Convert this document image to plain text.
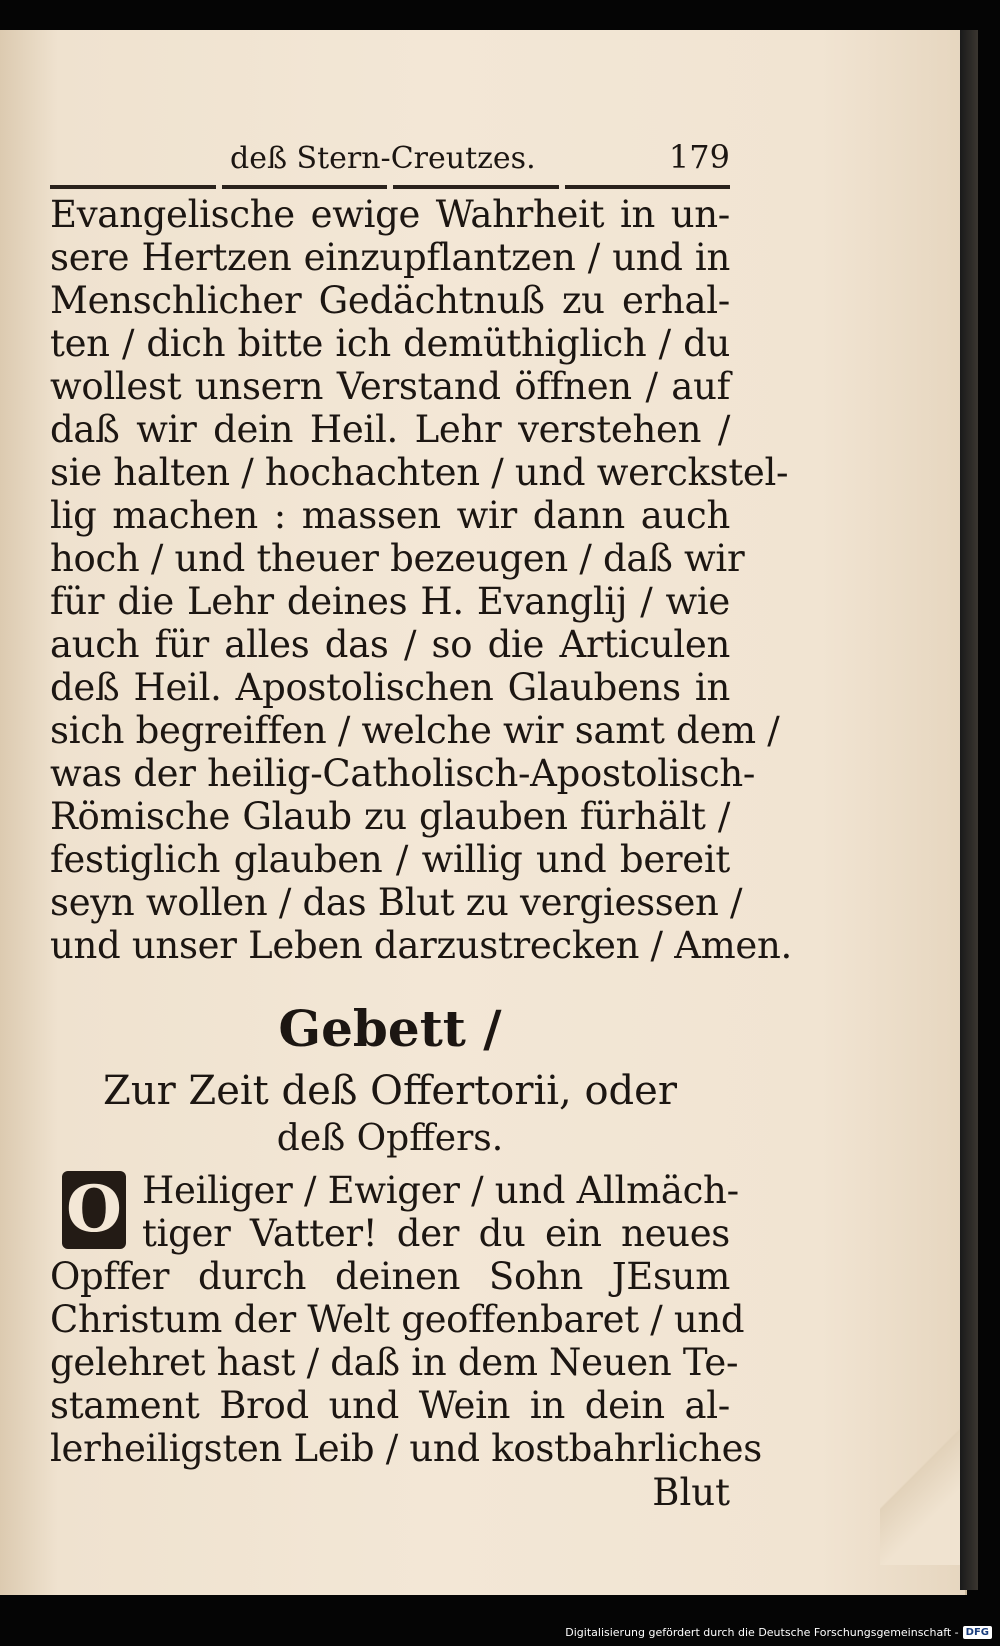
deß Stern-Creutzes.	179
Evangelische ewige Wahrheit in un-
sere Hertzen einzupflantzen / und in
Menschlicher Gedächtnuß zu erhal-
ten / dich bitte ich demüthiglich / du
wollest unsern Verstand öffnen / auf
daß wir dein Heil. Lehr verstehen /
sie halten / hochachten / und werckstel-
lig machen : massen wir dann auch
hoch / und theuer bezeugen / daß wir
für die Lehr deines H. Evanglij / wie
auch für alles das / so die Articulen
deß Heil. Apostolischen Glaubens in
sich begreiffen / welche wir samt dem /
was der heilig-Catholisch-Apostolisch-
Römische Glaub zu glauben fürhält /
festiglich glauben / willig und bereit
seyn wollen / das Blut zu vergiessen /
und unser Leben darzustrecken / Amen.
Gebett /
Zur Zeit deß Offertorii, oder
deß Opffers.
O Heiliger / Ewiger / und Allmäch-
tiger Vatter! der du ein neues
Opffer durch deinen Sohn JEsum
Christum der Welt geoffenbaret / und
gelehret hast / daß in dem Neuen Te-
stament Brod und Wein in dein al-
lerheiligsten Leib / und kostbahrliches
Blut
Digitalisierung gefördert durch die Deutsche Forschungsgemeinschaft - DFG
